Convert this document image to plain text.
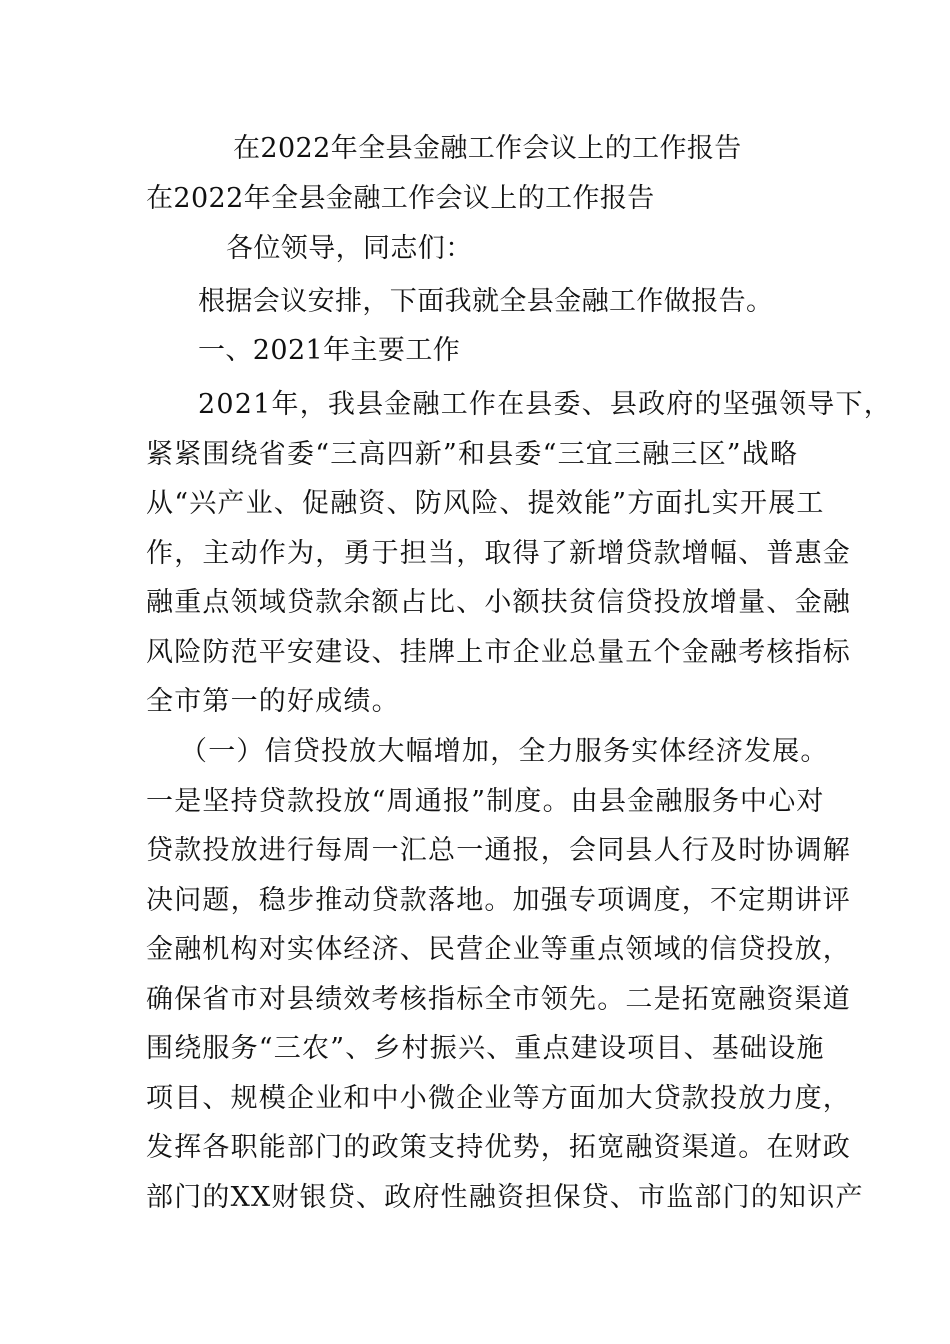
在2022年全县金融工作会议上的工作报告
在2022年全县金融工作会议上的工作报告
各位领导，同志们：
根据会议安排，下面我就全县金融工作做报告。
一、2021年主要工作

2021年，我县金融工作在县委、县政府的坚强领导下，

紧紧围绕省委“三高四新”和县委“三宜三融三区”战略

从“兴产业、促融资、防风险、提效能”方面扎实开展工

作，主动作为，勇于担当，取得了新增贷款增幅、普惠金

融重点领域贷款余额占比、小额扶贫信贷投放增量、金融

风险防范平安建设、挂牌上市企业总量五个金融考核指标

全市第一的好成绩。

（一）信贷投放大幅增加，全力服务实体经济发展。

一是坚持贷款投放“周通报”制度。由县金融服务中心对

贷款投放进行每周一汇总一通报，会同县人行及时协调解

决问题，稳步推动贷款落地。加强专项调度，不定期讲评

金融机构对实体经济、民营企业等重点领域的信贷投放，

确保省市对县绩效考核指标全市领先。二是拓宽融资渠道

围绕服务“三农”、乡村振兴、重点建设项目、基础设施

项目、规模企业和中小微企业等方面加大贷款投放力度，

发挥各职能部门的政策支持优势，拓宽融资渠道。在财政

部门的XX财银贷、政府性融资担保贷、市监部门的知识产
